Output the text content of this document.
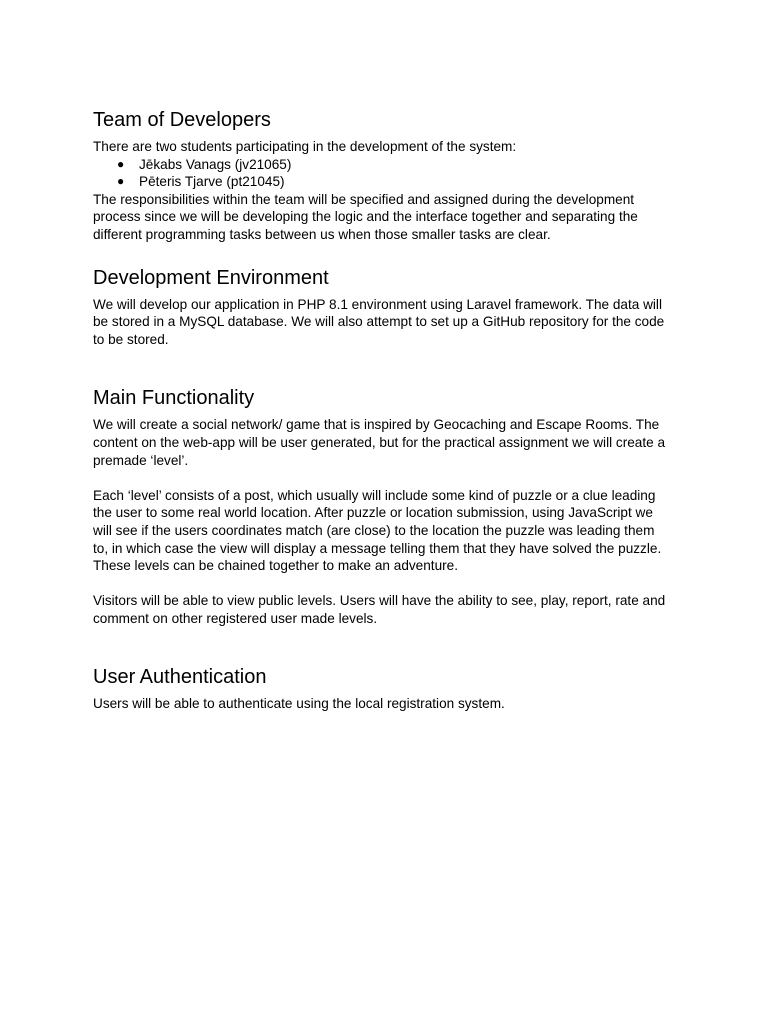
Team of Developers

There are two students participating in the development of the system:

● Jēkabs Vanags (jv21065)
● Pēteris Tjarve (pt21045)

The responsibilities within the team will be specified and assigned during the development process since we will be developing the logic and the interface together and separating the different programming tasks between us when those smaller tasks are clear.

Development Environment

We will develop our application in PHP 8.1 environment using Laravel framework. The data will be stored in a MySQL database. We will also attempt to set up a GitHub repository for the code to be stored.

Main Functionality

We will create a social network/ game that is inspired by Geocaching and Escape Rooms. The content on the web-app will be user generated, but for the practical assignment we will create a premade ‘level’.

Each ‘level’ consists of a post, which usually will include some kind of puzzle or a clue leading the user to some real world location. After puzzle or location submission, using JavaScript we will see if the users coordinates match (are close) to the location the puzzle was leading them to, in which case the view will display a message telling them that they have solved the puzzle. These levels can be chained together to make an adventure.

Visitors will be able to view public levels. Users will have the ability to see, play, report, rate and comment on other registered user made levels.

User Authentication

Users will be able to authenticate using the local registration system.
